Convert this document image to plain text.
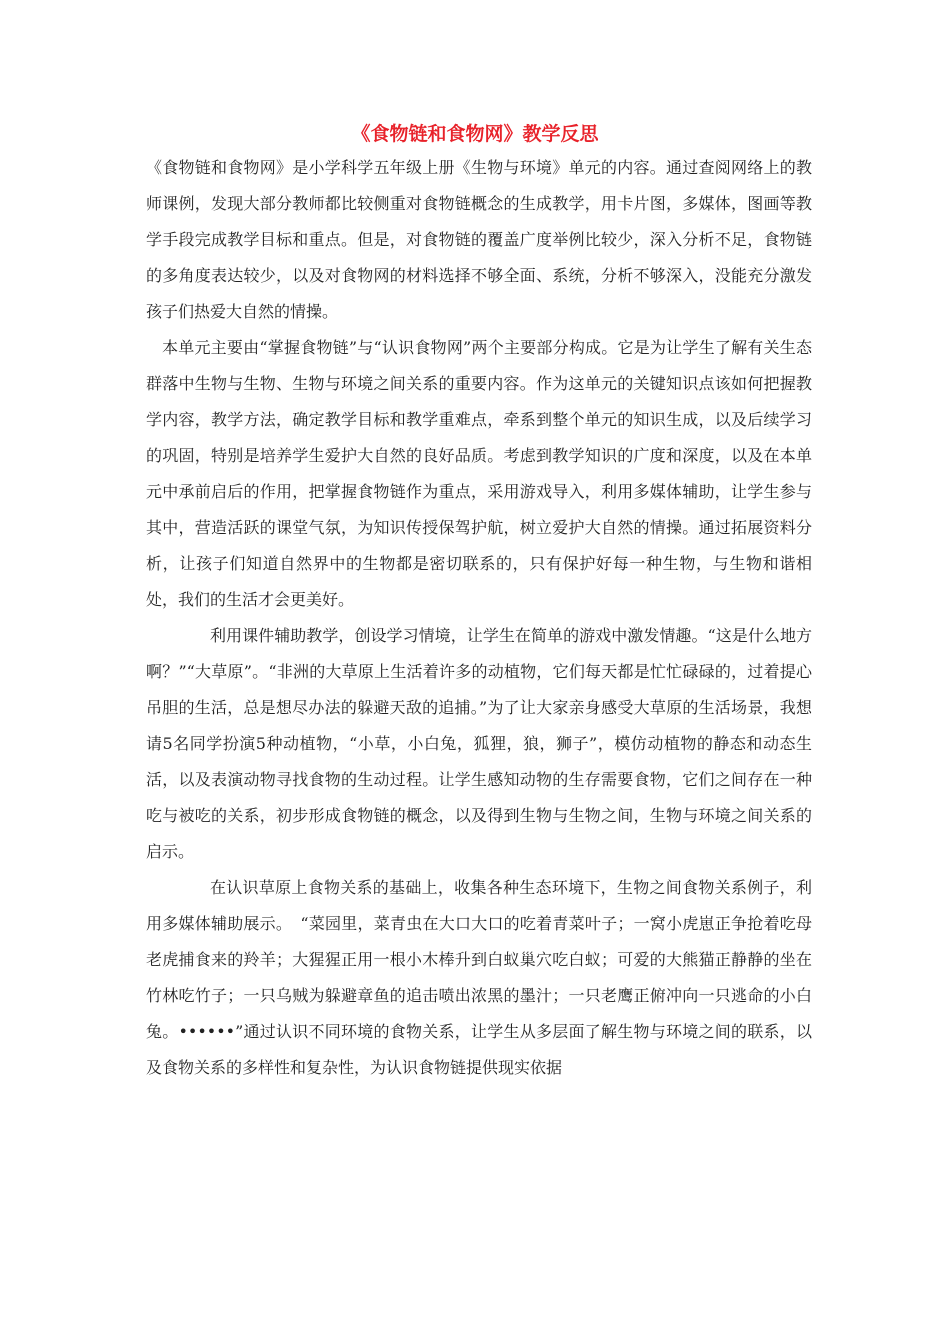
《食物链和食物网》教学反思

《食物链和食物网》是小学科学五年级上册《生物与环境》单元的内容。通过查阅网络上的教师课例，发现大部分教师都比较侧重对食物链概念的生成教学，用卡片图，多媒体，图画等教学手段完成教学目标和重点。但是，对食物链的覆盖广度举例比较少，深入分析不足，食物链的多角度表达较少，以及对食物网的材料选择不够全面、系统，分析不够深入，没能充分激发孩子们热爱大自然的情操。

本单元主要由“掌握食物链”与“认识食物网”两个主要部分构成。它是为让学生了解有关生态群落中生物与生物、生物与环境之间关系的重要内容。作为这单元的关键知识点该如何把握教学内容，教学方法，确定教学目标和教学重难点，牵系到整个单元的知识生成，以及后续学习的巩固，特别是培养学生爱护大自然的良好品质。考虑到教学知识的广度和深度，以及在本单元中承前启后的作用，把掌握食物链作为重点，采用游戏导入，利用多媒体辅助，让学生参与其中，营造活跃的课堂气氛，为知识传授保驾护航，树立爱护大自然的情操。通过拓展资料分析，让孩子们知道自然界中的生物都是密切联系的，只有保护好每一种生物，与生物和谐相处，我们的生活才会更美好。

利用课件辅助教学，创设学习情境，让学生在简单的游戏中激发情趣。“这是什么地方啊？”“大草原”。“非洲的大草原上生活着许多的动植物，它们每天都是忙忙碌碌的，过着提心吊胆的生活，总是想尽办法的躲避天敌的追捕。”为了让大家亲身感受大草原的生活场景，我想请5名同学扮演5种动植物，“小草，小白兔，狐狸，狼，狮子”，模仿动植物的静态和动态生活，以及表演动物寻找食物的生动过程。让学生感知动物的生存需要食物，它们之间存在一种吃与被吃的关系，初步形成食物链的概念，以及得到生物与生物之间，生物与环境之间关系的启示。

在认识草原上食物关系的基础上，收集各种生态环境下，生物之间食物关系例子，利用多媒体辅助展示。　“菜园里，菜青虫在大口大口的吃着青菜叶子；一窝小虎崽正争抢着吃母老虎捕食来的羚羊；大猩猩正用一根小木棒升到白蚁巢穴吃白蚁；可爱的大熊猫正静静的坐在竹林吃竹子；一只乌贼为躲避章鱼的追击喷出浓黑的墨汁；一只老鹰正俯冲向一只逃命的小白兔。••••••”通过认识不同环境的食物关系，让学生从多层面了解生物与环境之间的联系，以及食物关系的多样性和复杂性，为认识食物链提供现实依据
